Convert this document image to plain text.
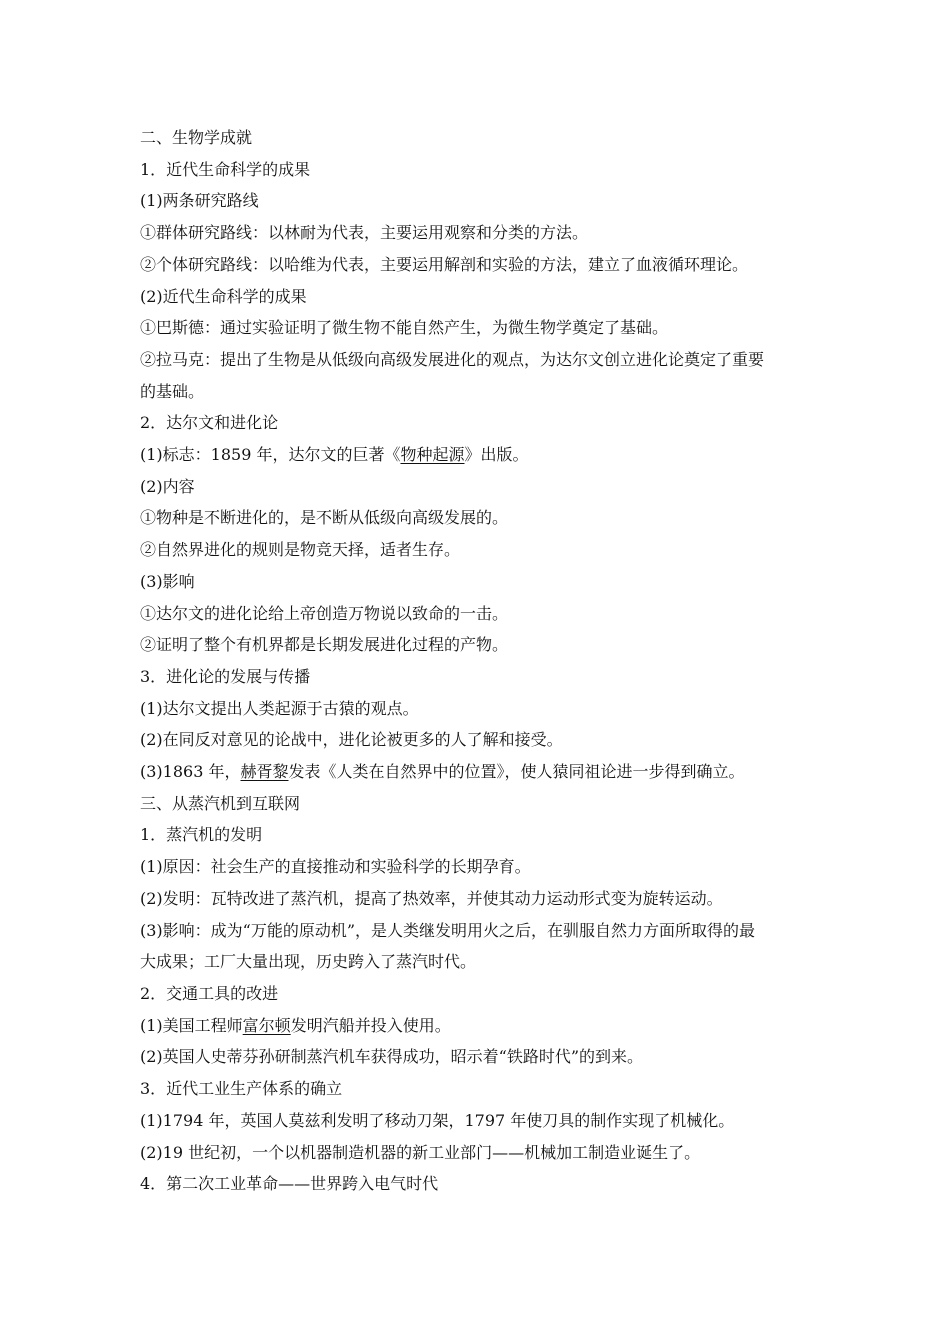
二、生物学成就
1．近代生命科学的成果
(1)两条研究路线
①群体研究路线：以林耐为代表，主要运用观察和分类的方法。
②个体研究路线：以哈维为代表，主要运用解剖和实验的方法，建立了血液循环理论。
(2)近代生命科学的成果
①巴斯德：通过实验证明了微生物不能自然产生，为微生物学奠定了基础。
②拉马克：提出了生物是从低级向高级发展进化的观点，为达尔文创立进化论奠定了重要
的基础。
2．达尔文和进化论
(1)标志：1859 年，达尔文的巨著《物种起源》出版。
(2)内容
①物种是不断进化的，是不断从低级向高级发展的。
②自然界进化的规则是物竞天择，适者生存。
(3)影响
①达尔文的进化论给上帝创造万物说以致命的一击。
②证明了整个有机界都是长期发展进化过程的产物。
3．进化论的发展与传播
(1)达尔文提出人类起源于古猿的观点。
(2)在同反对意见的论战中，进化论被更多的人了解和接受。
(3)1863 年，赫胥黎发表《人类在自然界中的位置》，使人猿同祖论进一步得到确立。
三、从蒸汽机到互联网
1．蒸汽机的发明
(1)原因：社会生产的直接推动和实验科学的长期孕育。
(2)发明：瓦特改进了蒸汽机，提高了热效率，并使其动力运动形式变为旋转运动。
(3)影响：成为“万能的原动机”，是人类继发明用火之后，在驯服自然力方面所取得的最
大成果；工厂大量出现，历史跨入了蒸汽时代。
2．交通工具的改进
(1)美国工程师富尔顿发明汽船并投入使用。
(2)英国人史蒂芬孙研制蒸汽机车获得成功，昭示着“铁路时代”的到来。
3．近代工业生产体系的确立
(1)1794 年，英国人莫兹利发明了移动刀架，1797 年使刀具的制作实现了机械化。
(2)19 世纪初，一个以机器制造机器的新工业部门——机械加工制造业诞生了。
4．第二次工业革命——世界跨入电气时代
